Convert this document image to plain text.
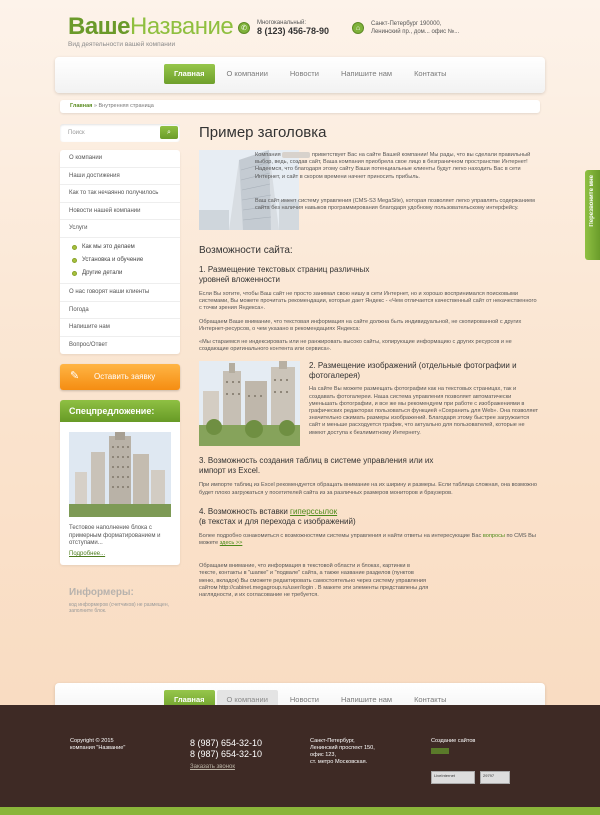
ВашеНазвание
Вид деятельности вашей компании
✆
Многоканальный:
8 (123) 456-78-90	⌂
Санкт-Петербург 190000,
Ленинский пр., дом... офис №...
Главная	О компании	Новости	Напишите нам	Контакты
Главная » Внутренняя страница
Поиск	⌕
О компании
Наши достижения
Как то так нечаянно получилось
Новости нашей компании
Услуги
Как мы это делаем
Установка и обучение
Другие детали
О нас говорят наши клиенты
Погода
Напишите нам
Вопрос/Ответ
✎ Оставить заявку
Спецпредложение:
Тестовое наполнение блока с примерным форматированием и отступами...
Подробнее...
Информеры:
код информеров (счетчиков) не размещен, заполните блок.
Пример заголовка
Компания	приветствует Вас на сайте Вашей компании! Мы рады, что вы сделали правильный выбор, ведь, создав сайт, Ваша компания приобрела свое лицо в безграничном пространстве Интернет! Надеемся, что благодаря этому сайту Ваши потенциальные клиенты будут легко находить Вас в сети Интернет, и сайт в скором времени начнет приносить прибыль.
Ваш сайт имеет систему управления (CMS-S3 MegaSite), которая позволяет легко управлять содержанием сайта без наличия навыков программирования благодаря удобному пользовательскому интерфейсу.
Возможности сайта:
1. Размещение текстовых страниц различных уровней вложенности
Если Вы хотите, чтобы Ваш сайт не просто занимал свою нишу в сети Интернет, но и хорошо воспринимался поисковыми системами, Вы можете прочитать рекомендации, которые дает Яндекс - «Чем отличается качественный сайт от некачественного с точки зрения Яндекса».
Обращаем Ваше внимание, что текстовая информация на сайте должна быть индивидуальной, не скопированной с других Интернет-ресурсов, о чем указано в рекомендациях Яндекса:
«Мы стараемся не индексировать или не ранжировать высоко сайты, копирующие информацию с других ресурсов и не создающие оригинального контента или сервиса».
2. Размещение изображений (отдельные фотографии и фотогалерея)
На сайте Вы можете размещать фотографии как на текстовых страницах, так и создавать фотогалереи. Наша система управления позволяет автоматически уменьшать фотографии, и все же мы рекомендуем при работе с изображениями в графических редакторах пользоваться функцией «Сохранить для Web». Она позволяет значительно сжимать размеры изображений. Благодаря этому быстрее загружается сайт и меньше расходуется трафик, что актуально для пользователей, которые не имеют доступа к безлимитному Интернету.
3. Возможность создания таблиц в системе управления или их импорт из Excel.
При импорте таблиц из Excel рекомендуется обращать внимание на их ширину и размеры. Если таблица сложная, она возможно будет плохо загружаться у посетителей сайта из за различных размеров мониторов и браузеров.
4. Возможность вставки гиперссылок
(в текстах и для перехода с изображений)
Более подробно ознакомиться с возможностями системы управления и найти ответы на интересующие Вас вопросы по CMS Вы можете здесь >>
Обращаем внимание, что информация в текстовой области и блоках, картинки в тексте, контакты в "шапке" и "подвале" сайта, а также название разделов (пунктов меню, вкладок) Вы сможете редактировать самостоятельно через систему управления сайтом http://cabinet.megagroup.ru/user/login . В макете эти элементы представлены для наглядности, и их согласование не требуется.
Перезвоните мне
Главная	О компании	Новости	Напишите нам	Контакты
Copyright © 2015
компания "Название"	8 (987) 654-32-10
8 (987) 654-32-10
Заказать звонок
Санкт-Петербург,
Ленинский проспект 150,
офис 123,
ст. метро Московская.
Создание сайтов
LiveInternet	29797
